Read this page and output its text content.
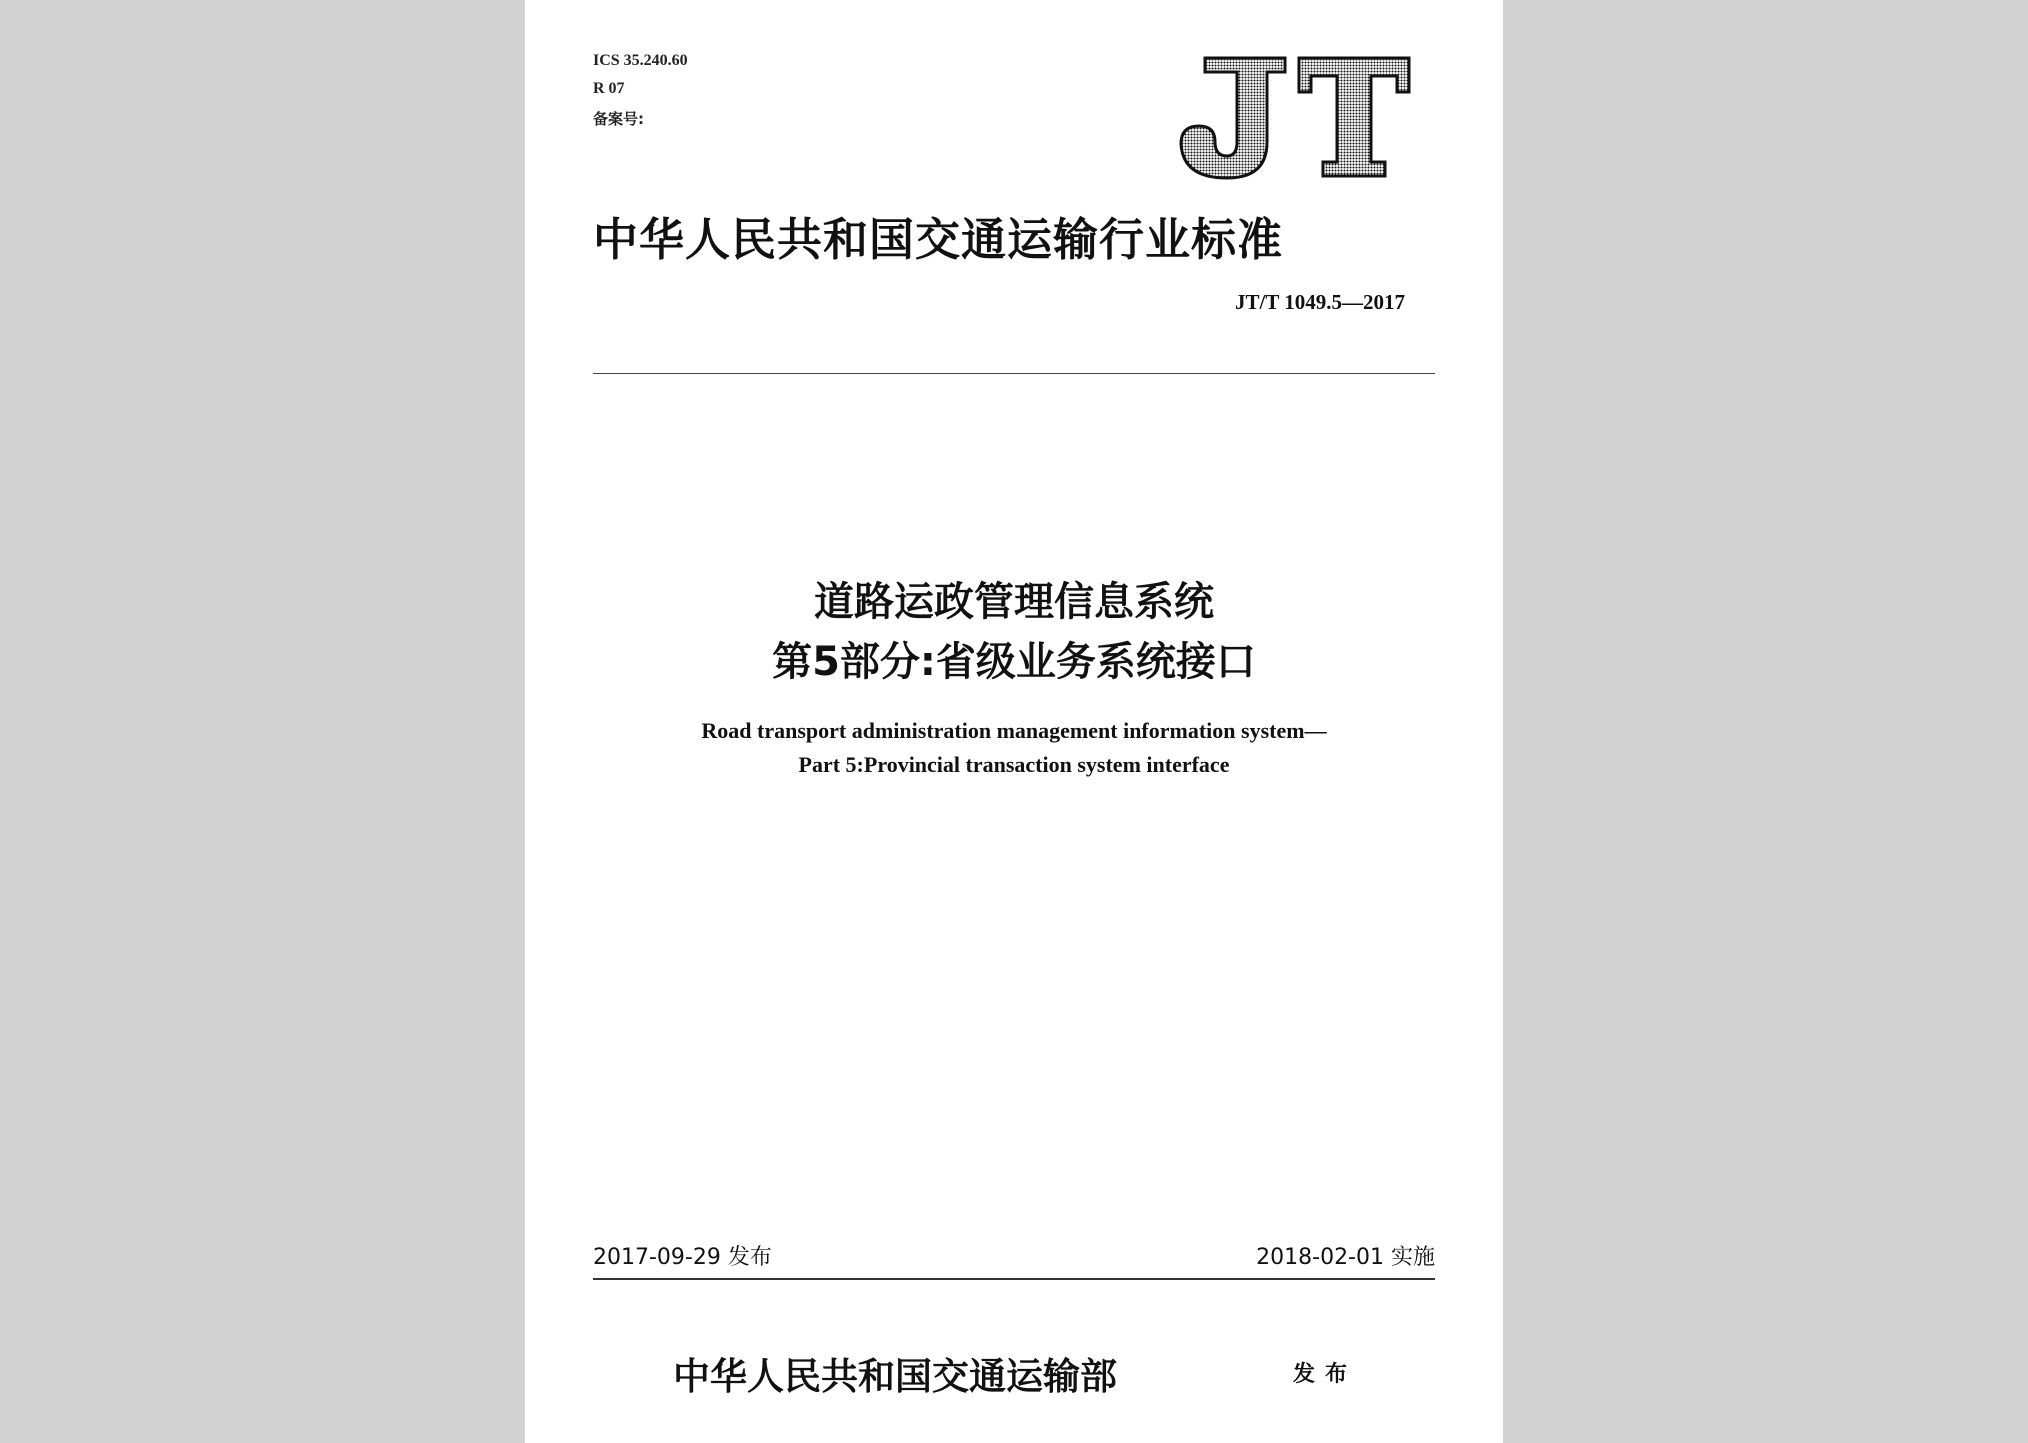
ICS 35.240.60
R 07
备案号:
中华人民共和国交通运输行业标准
JT/T 1049.5—2017
道路运政管理信息系统
第5部分:省级业务系统接口
Road transport administration management information system—
Part 5:Provincial transaction system interface
2017-09-29 发布	2018-02-01 实施
中华人民共和国交通运输部	发布
